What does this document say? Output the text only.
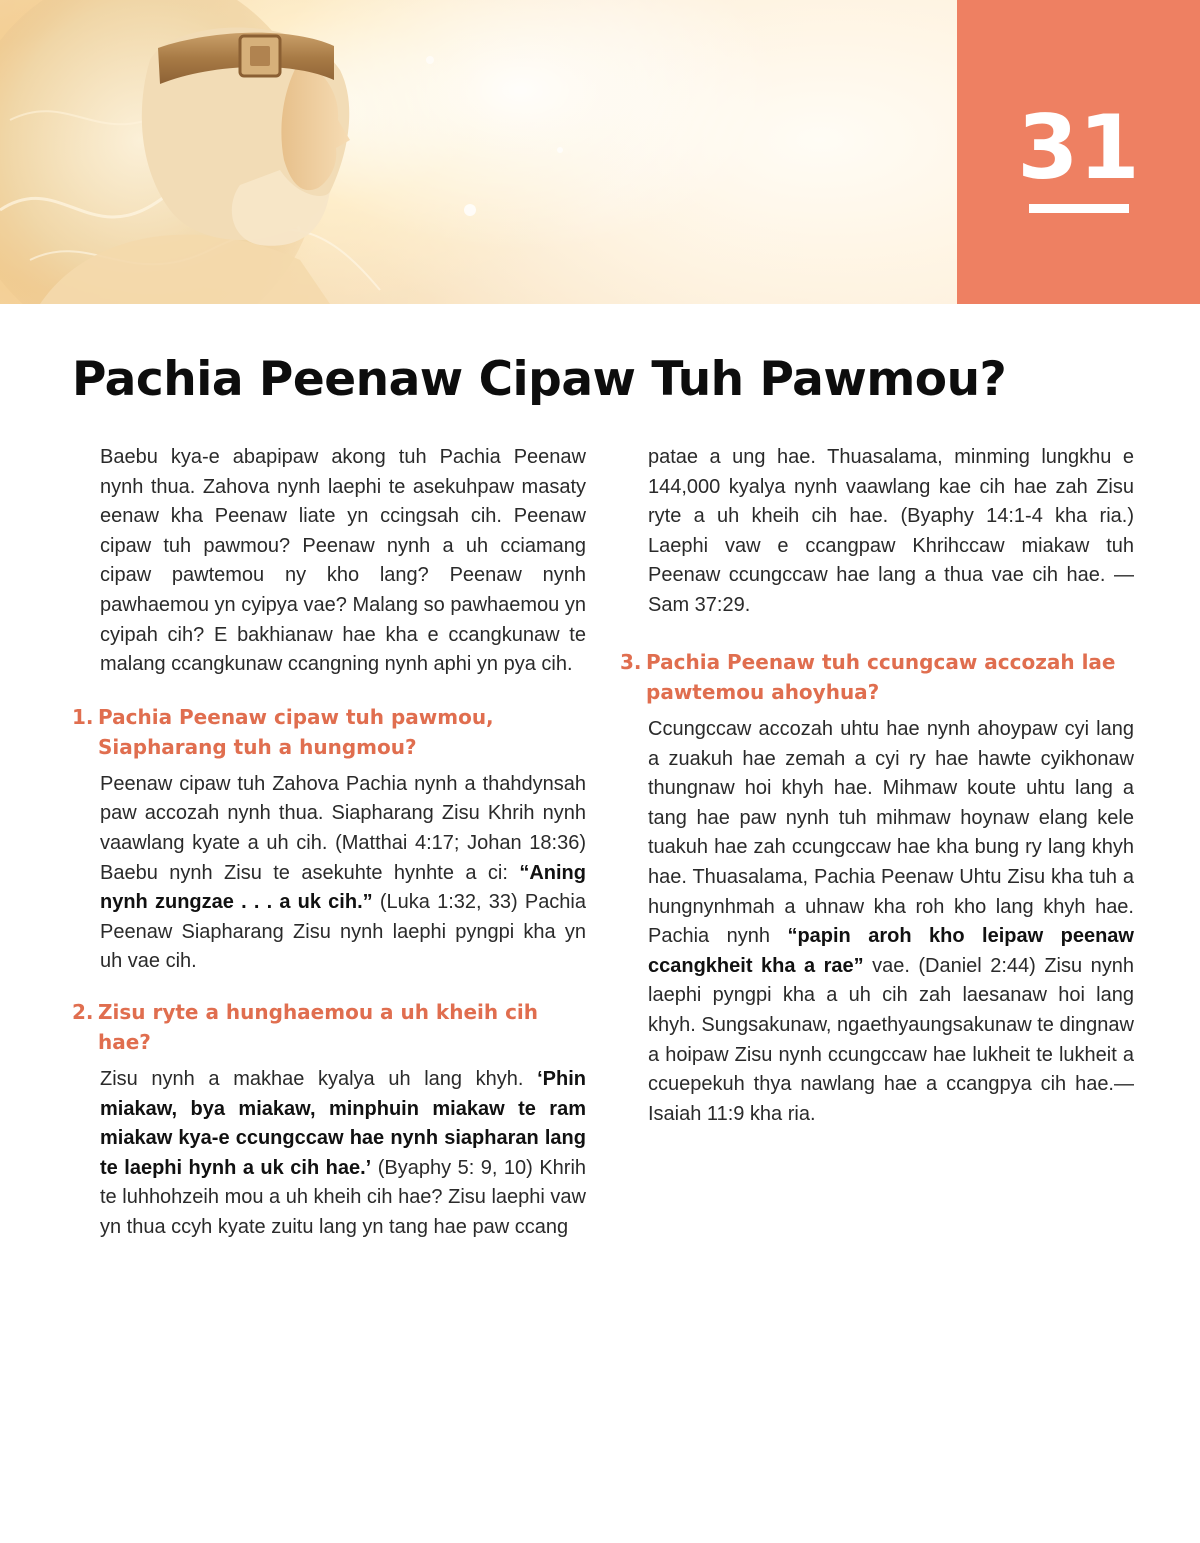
31
Pachia Peenaw Cipaw Tuh Pawmou?

Baebu kya-e abapipaw akong tuh Pachia Peenaw nynh thua. Zahova nynh laephi te asekuhpaw masaty eenaw kha Peenaw liate yn ccingsah cih. Peenaw cipaw tuh pawmou? Peenaw nynh a uh cciamang cipaw pawtemou ny kho lang? Peenaw nynh pawhaemou yn cyipya vae? Malang so pawhaemou yn cyipah cih? E bakhianaw hae kha e ccangkunaw te malang ccangkunaw ccangning nynh aphi yn pya cih.

1. Pachia Peenaw cipaw tuh pawmou, Siapharang tuh a hungmou?

Peenaw cipaw tuh Zahova Pachia nynh a thahdynsah paw accozah nynh thua. Siapharang Zisu Khrih nynh vaawlang kyate a uh cih. (Matthai 4:17; Johan 18:36) Baebu nynh Zisu te asekuhte hynhte a ci: “Aning nynh zungzae . . . a uk cih.” (Luka 1:32, 33) Pachia Peenaw Siapharang Zisu nynh laephi pyngpi kha yn uh vae cih.

2. Zisu ryte a hunghaemou a uh kheih cih hae?

Zisu nynh a makhae kyalya uh lang khyh. ‘Phin miakaw, bya miakaw, minphuin miakaw te ram miakaw kya-e ccungccaw hae nynh siapharan lang te laephi hynh a uk cih hae.’ (Byaphy 5: 9, 10) Khrih te luhhohzeih mou a uh kheih cih hae? Zisu laephi vaw yn thua ccyh kyate zuitu lang yn tang hae paw ccang

3. Pachia Peenaw tuh ccungcaw accozah lae pawtemou ahoyhua?

Ccungccaw accozah uhtu hae nynh ahoypaw cyi lang a zuakuh hae zemah a cyi ry hae hawte cyikhonaw thungnaw hoi khyh hae. Mihmaw koute uhtu lang a tang hae paw nynh tuh mihmaw hoynaw elang kele tuakuh hae zah ccungccaw hae kha bung ry lang khyh hae. Thuasalama, Pachia Peenaw Uhtu Zisu kha tuh a hungnynhmah a uhnaw kha roh kho lang khyh hae. Pachia nynh “papin aroh kho leipaw peenaw ccangkheit kha a rae” vae. (Daniel 2:44) Zisu nynh laephi pyngpi kha a uh cih zah laesanaw hoi lang khyh. Sungsakunaw, ngaethyaungsakunaw te dingnaw a hoipaw Zisu nynh ccungccaw hae lukheit te lukheit a ccuepekuh thya nawlang hae a ccangpya cih hae.—Isaiah 11:9 kha ria.

patae a ung hae. Thuasalama, minming lungkhu e 144,000 kyalya nynh vaawlang kae cih hae zah Zisu ryte a uh kheih cih hae. (Byaphy 14:1-4 kha ria.) Laephi vaw e ccangpaw Khrihccaw miakaw tuh Peenaw ccungccaw hae lang a thua vae cih hae. —Sam 37:29.
